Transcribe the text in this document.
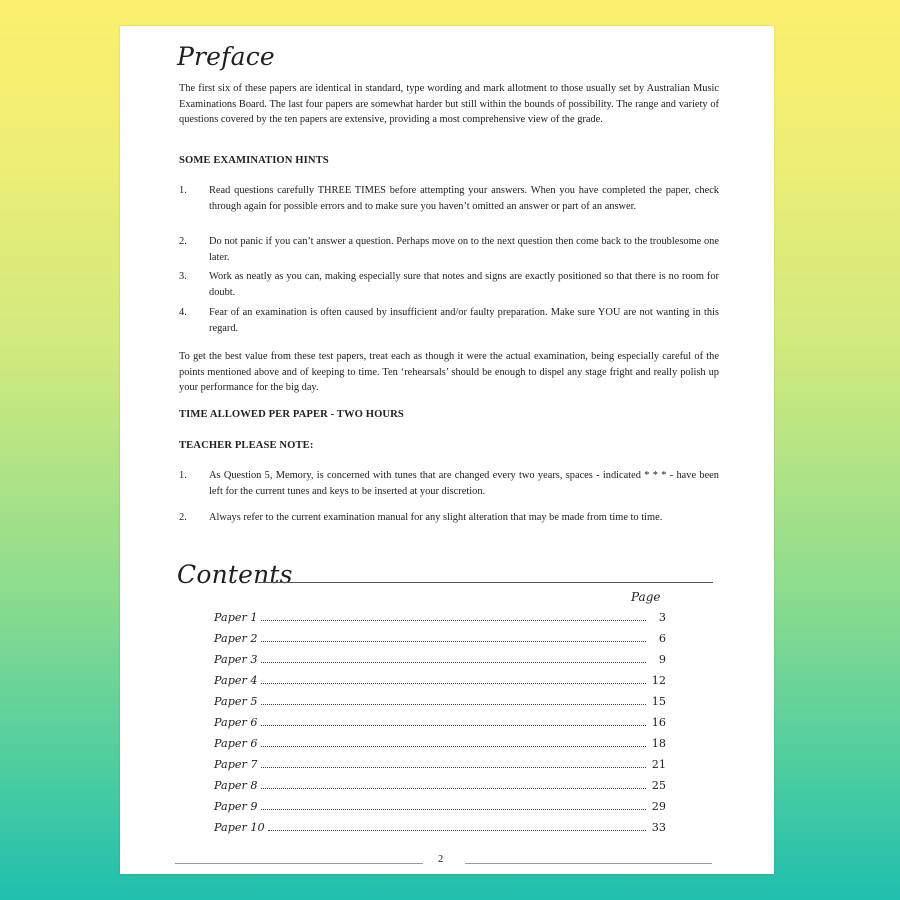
Preface

The first six of these papers are identical in standard, type wording and mark allotment to those usually set by Australian Music Examinations Board. The last four papers are somewhat harder but still within the bounds of possibility. The range and variety of questions covered by the ten papers are extensive, providing a most comprehensive view of the grade.

SOME EXAMINATION HINTS

1. Read questions carefully THREE TIMES before attempting your answers. When you have completed the paper, check through again for possible errors and to make sure you haven’t omitted an answer or part of an answer.

2. Do not panic if you can’t answer a question. Perhaps move on to the next question then come back to the troublesome one later.

3. Work as neatly as you can, making especially sure that notes and signs are exactly positioned so that there is no room for doubt.

4. Fear of an examination is often caused by insufficient and/or faulty preparation. Make sure YOU are not wanting in this regard.

To get the best value from these test papers, treat each as though it were the actual examination, being especially careful of the points mentioned above and of keeping to time. Ten ‘rehearsals’ should be enough to dispel any stage fright and really polish up your performance for the big day.

TIME ALLOWED PER PAPER - TWO HOURS

TEACHER PLEASE NOTE:

1. As Question 5, Memory, is concerned with tunes that are changed every two years, spaces - indicated * * * - have been left for the current tunes and keys to be inserted at your discretion.

2. Always refer to the current examination manual for any slight alteration that may be made from time to time.

Contents
Page
Paper 1	3
Paper 2	6
Paper 3	9
Paper 4	12
Paper 5	15
Paper 6	16
Paper 6	18
Paper 7	21
Paper 8	25
Paper 9	29
Paper 10	33
2
